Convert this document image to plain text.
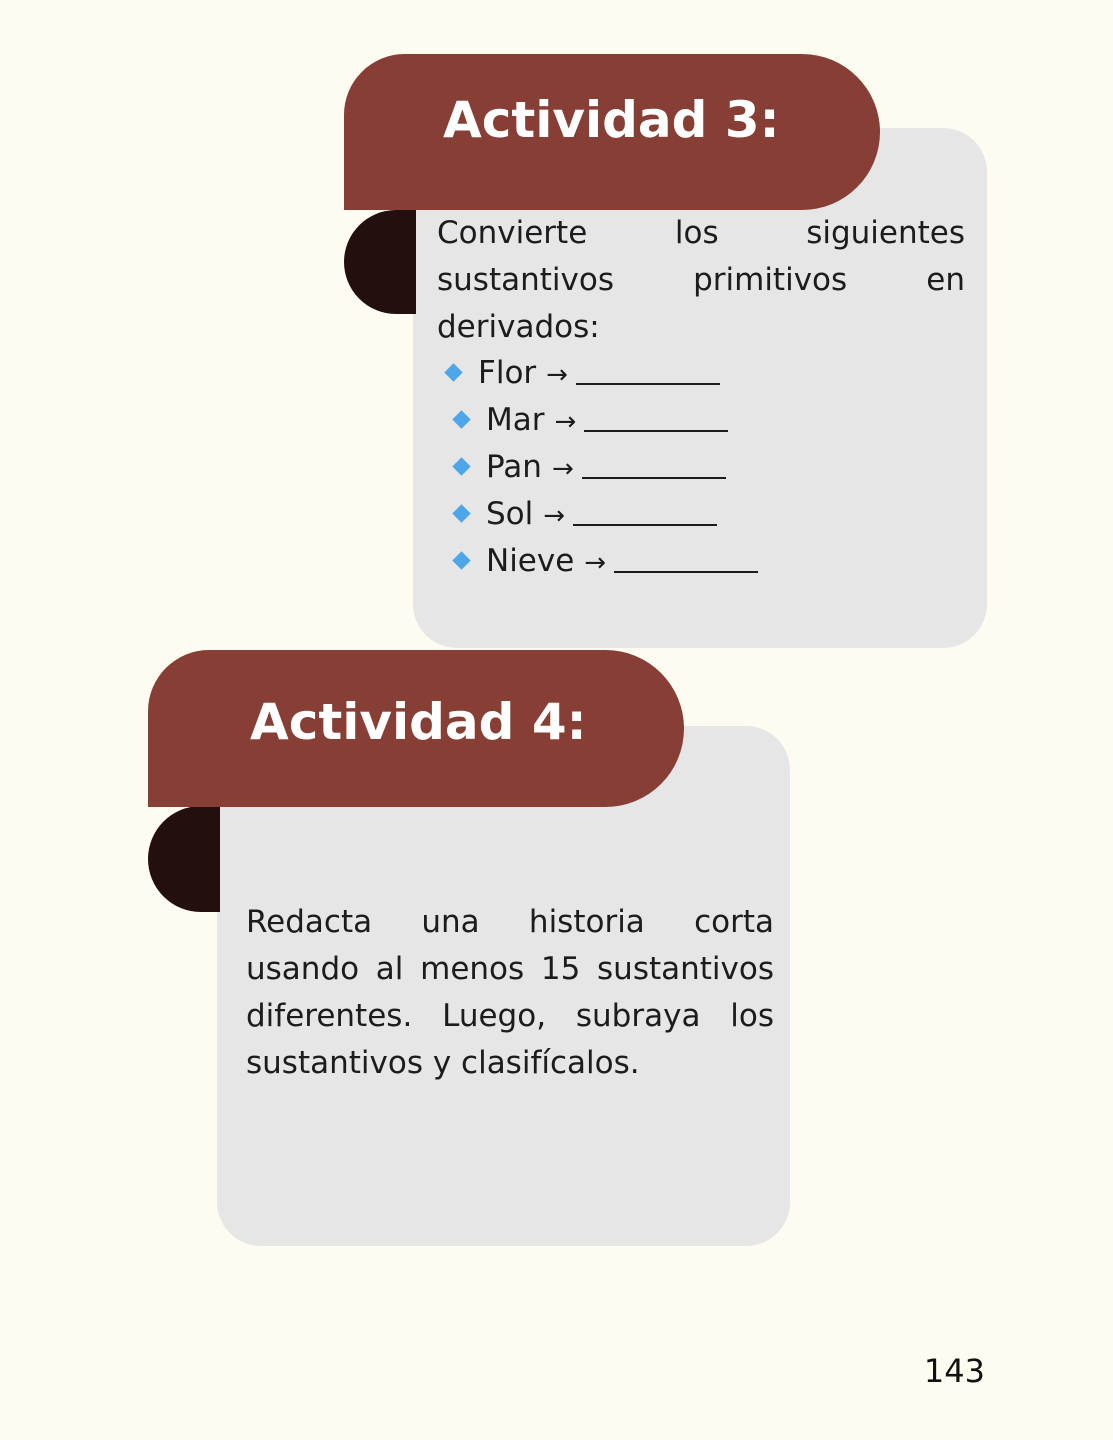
Actividad 3:
Convierte los siguientes sustantivos primitivos en derivados:
Flor →
Mar →
Pan →
Sol →
Nieve →
Actividad 4:
Redacta una historia corta usando al menos 15 sustantivos diferentes. Luego, subraya los sustantivos y clasifícalos.
143
